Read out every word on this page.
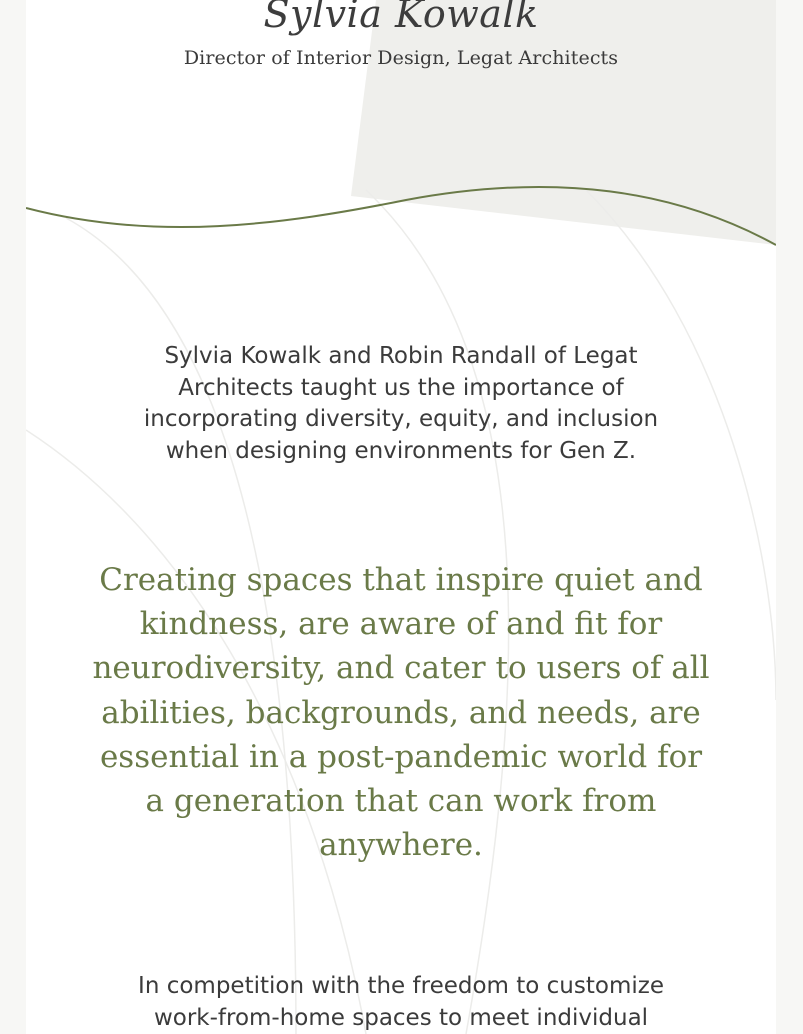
Sylvia Kowalk
Director of Interior Design, Legat Architects
Sylvia Kowalk and Robin Randall of Legat Architects taught us the importance of incorporating diversity, equity, and inclusion when designing environments for Gen Z.
Creating spaces that inspire quiet and kindness, are aware of and fit for neurodiversity, and cater to users of all abilities, backgrounds, and needs, are essential in a post-pandemic world for a generation that can work from anywhere.
In competition with the freedom to customize work-from-home spaces to meet individual
